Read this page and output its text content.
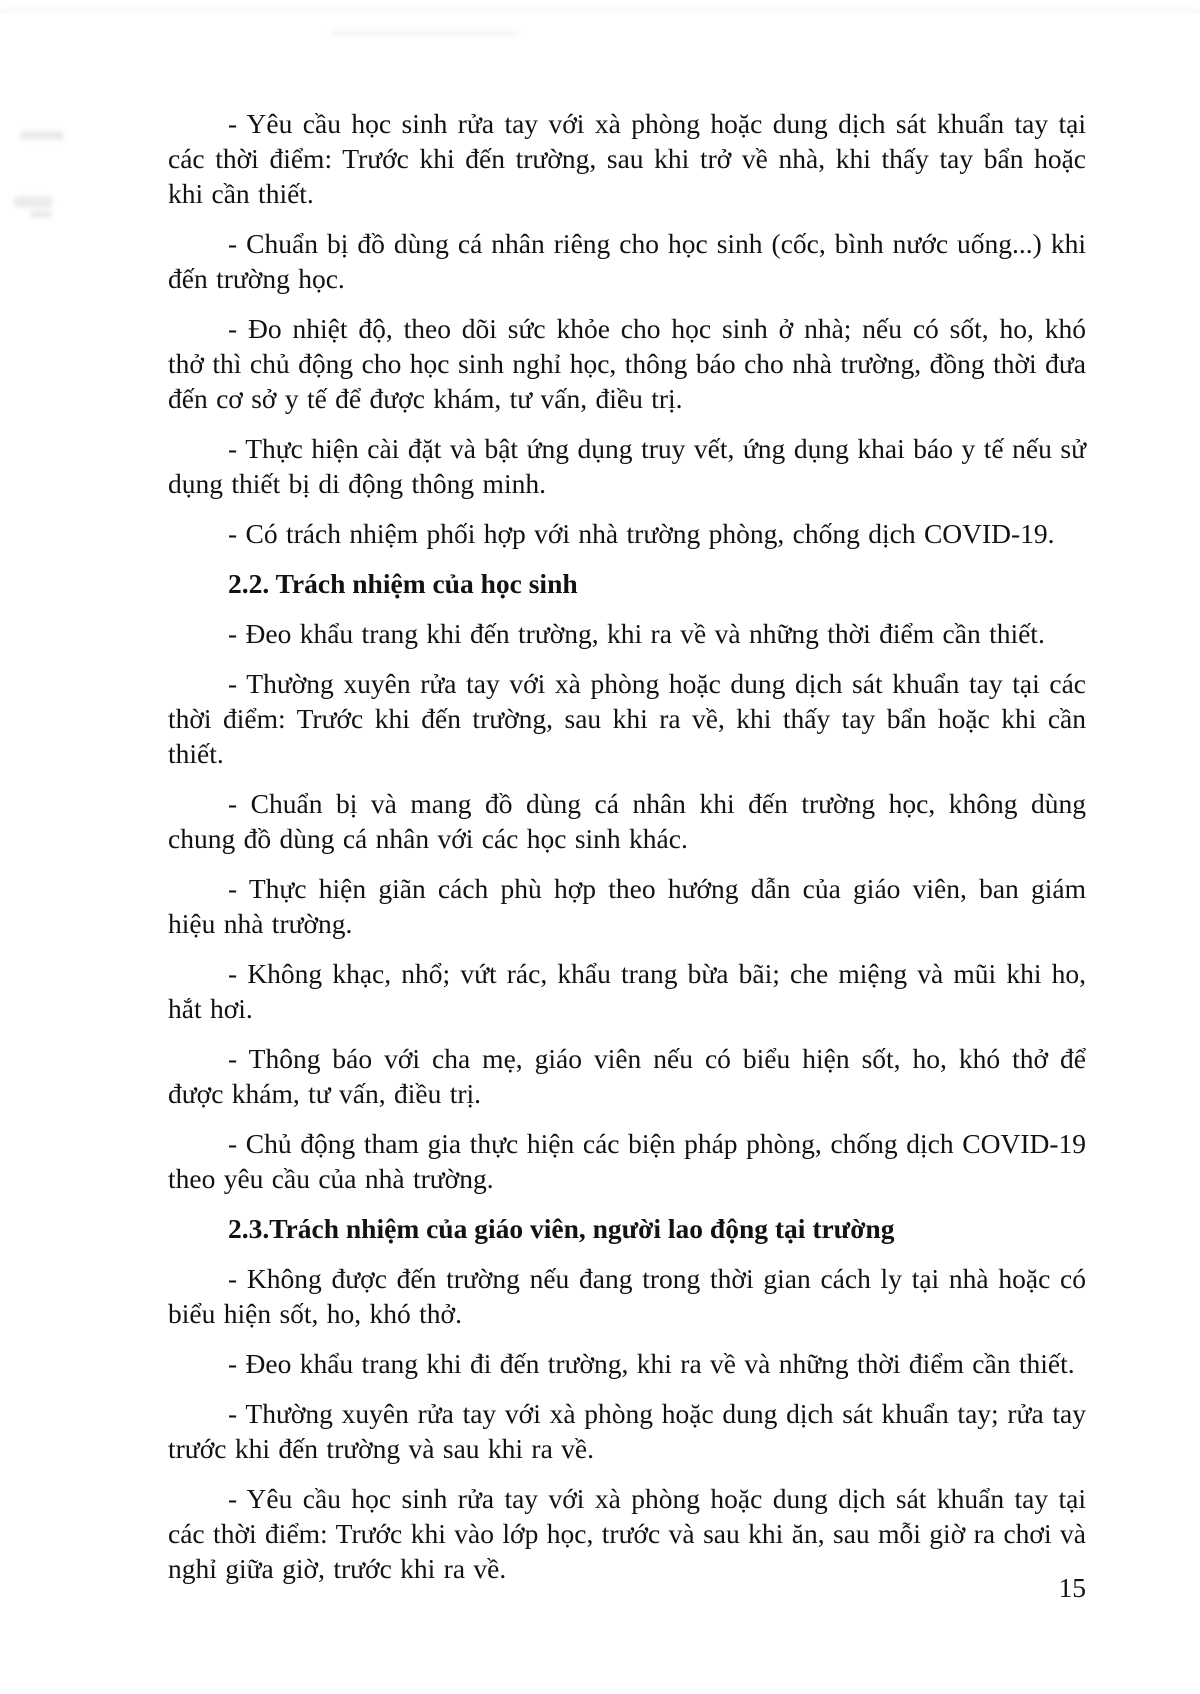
- Yêu cầu học sinh rửa tay với xà phòng hoặc dung dịch sát khuẩn tay tại các thời điểm: Trước khi đến trường, sau khi trở về nhà, khi thấy tay bẩn hoặc khi cần thiết.

- Chuẩn bị đồ dùng cá nhân riêng cho học sinh (cốc, bình nước uống...) khi đến trường học.

- Đo nhiệt độ, theo dõi sức khỏe cho học sinh ở nhà; nếu có sốt, ho, khó thở thì chủ động cho học sinh nghỉ học, thông báo cho nhà trường, đồng thời đưa đến cơ sở y tế để được khám, tư vấn, điều trị.

- Thực hiện cài đặt và bật ứng dụng truy vết, ứng dụng khai báo y tế nếu sử dụng thiết bị di động thông minh.

- Có trách nhiệm phối hợp với nhà trường phòng, chống dịch COVID-19.

2.2. Trách nhiệm của học sinh

- Đeo khẩu trang khi đến trường, khi ra về và những thời điểm cần thiết.

- Thường xuyên rửa tay với xà phòng hoặc dung dịch sát khuẩn tay tại các thời điểm: Trước khi đến trường, sau khi ra về, khi thấy tay bẩn hoặc khi cần thiết.

- Chuẩn bị và mang đồ dùng cá nhân khi đến trường học, không dùng chung đồ dùng cá nhân với các học sinh khác.

- Thực hiện giãn cách phù hợp theo hướng dẫn của giáo viên, ban giám hiệu nhà trường.

- Không khạc, nhổ; vứt rác, khẩu trang bừa bãi; che miệng và mũi khi ho, hắt hơi.

- Thông báo với cha mẹ, giáo viên nếu có biểu hiện sốt, ho, khó thở để được khám, tư vấn, điều trị.

- Chủ động tham gia thực hiện các biện pháp phòng, chống dịch COVID-19 theo yêu cầu của nhà trường.

2.3.Trách nhiệm của giáo viên, người lao động tại trường

- Không được đến trường nếu đang trong thời gian cách ly tại nhà hoặc có biểu hiện sốt, ho, khó thở.

- Đeo khẩu trang khi đi đến trường, khi ra về và những thời điểm cần thiết.

- Thường xuyên rửa tay với xà phòng hoặc dung dịch sát khuẩn tay; rửa tay trước khi đến trường và sau khi ra về.

- Yêu cầu học sinh rửa tay với xà phòng hoặc dung dịch sát khuẩn tay tại các thời điểm: Trước khi vào lớp học, trước và sau khi ăn, sau mỗi giờ ra chơi và nghỉ giữa giờ, trước khi ra về.

15
